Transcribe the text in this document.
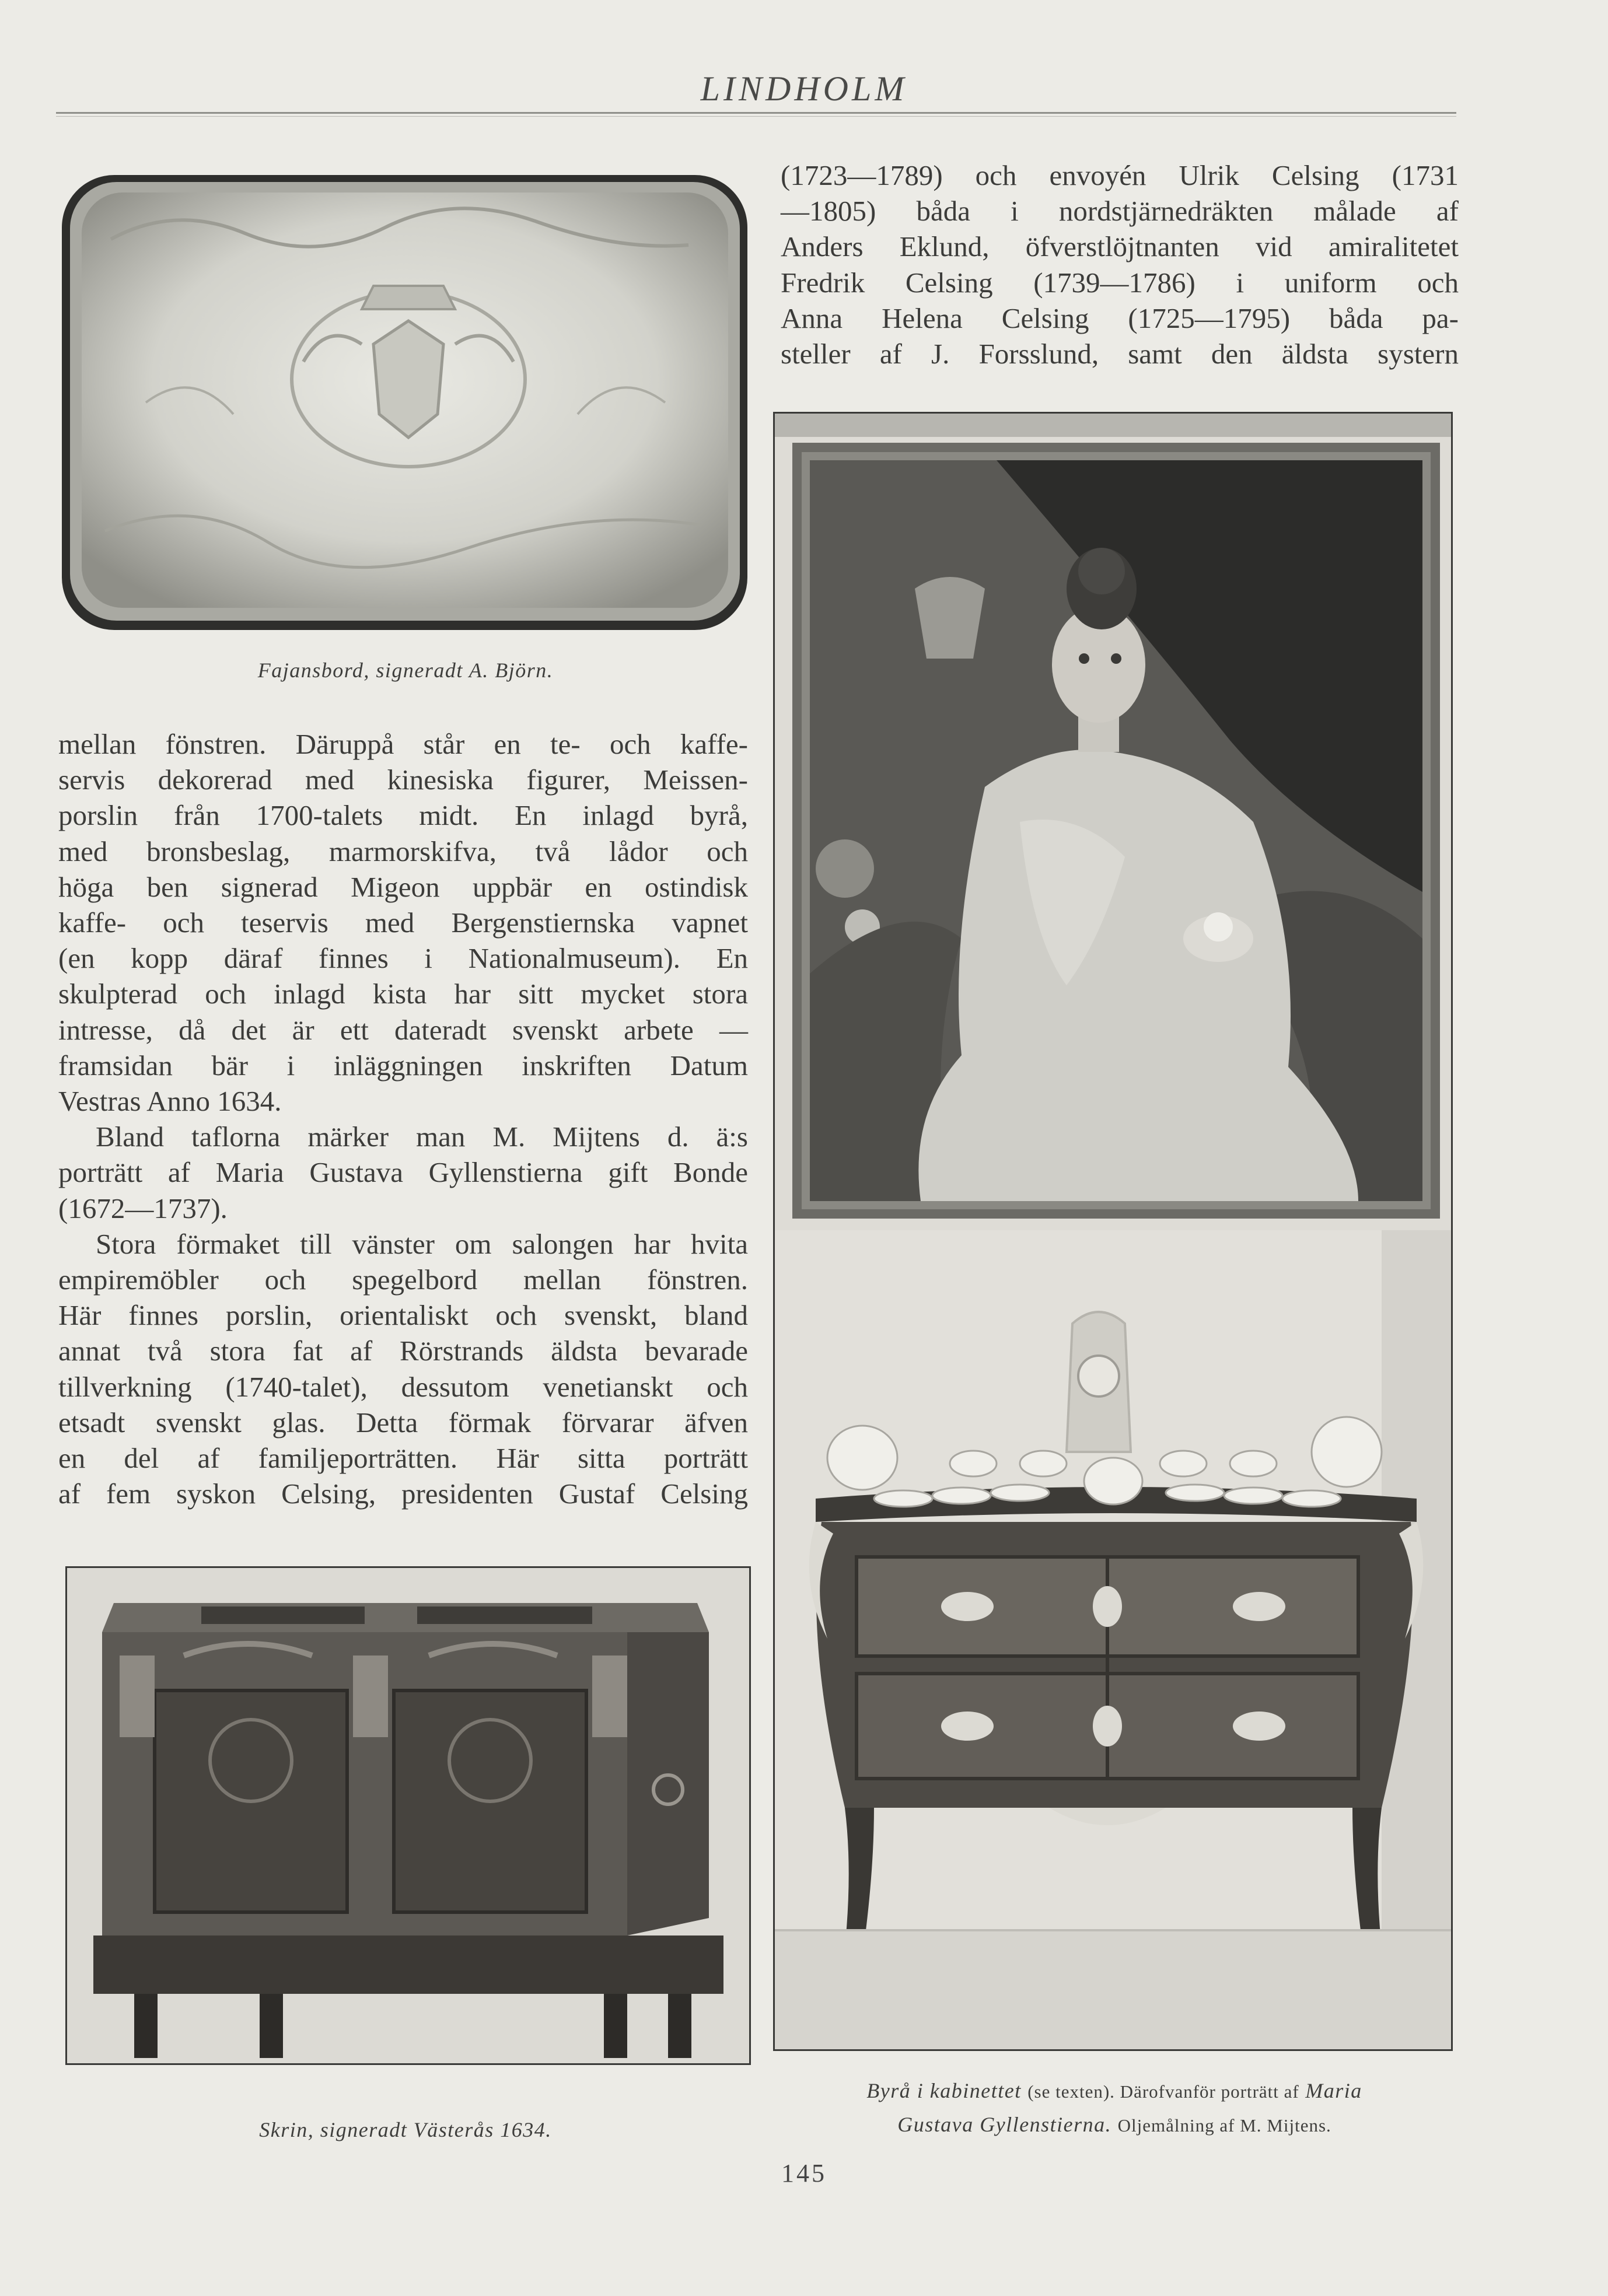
LINDHOLM
Fajansbord, signeradt A. Björn.

(1723—1789) och envoyén Ulrik Celsing (1731

—1805) båda i nordstjärnedräkten målade af

Anders Eklund, öfverstlöjtnanten vid amiralitetet

Fredrik Celsing (1739—1786) i uniform och

Anna Helena Celsing (1725—1795) båda pa-

steller af J. Forsslund, samt den äldsta systern

mellan fönstren. Däruppå står en te- och kaffe-

servis dekorerad med kinesiska figurer, Meissen-

porslin från 1700-talets midt. En inlagd byrå,

med bronsbeslag, marmorskifva, två lådor och

höga ben signerad Migeon uppbär en ostindisk

kaffe- och teservis med Bergenstiernska vapnet

(en kopp däraf finnes i Nationalmuseum). En

skulpterad och inlagd kista har sitt mycket stora

intresse, då det är ett dateradt svenskt arbete —

framsidan bär i inläggningen inskriften Datum

Vestras Anno 1634.

Bland taflorna märker man M. Mijtens d. ä:s

porträtt af Maria Gustava Gyllenstierna gift Bonde

(1672—1737).

Stora förmaket till vänster om salongen har hvita

empiremöbler och spegelbord mellan fönstren.

Här finnes porslin, orientaliskt och svenskt, bland

annat två stora fat af Rörstrands äldsta bevarade

tillverkning (1740-talet), dessutom venetianskt och

etsadt svenskt glas. Detta förmak förvarar äfven

en del af familjeporträtten. Här sitta porträtt

af fem syskon Celsing, presidenten Gustaf Celsing

Skrin, signeradt Västerås 1634.
Byrå i kabinettet (se texten). Därofvanför porträtt af Maria
Gustava Gyllenstierna. Oljemålning af M. Mijtens.
145
